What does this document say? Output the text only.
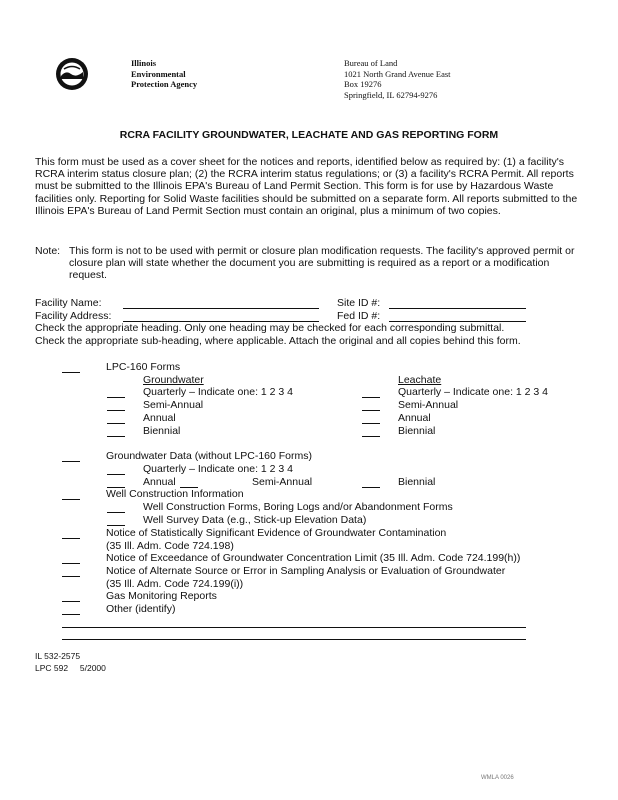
Illinois
Environmental
Protection Agency
Bureau of Land
1021 North Grand Avenue East
Box 19276
Springfield, IL 62794-9276
RCRA FACILITY GROUNDWATER, LEACHATE AND GAS REPORTING FORM
This form must be used as a cover sheet for the notices and reports, identified below as required by: (1) a facility's RCRA interim status closure plan; (2) the RCRA interim status regulations; or (3) a facility's RCRA Permit. All reports must be submitted to the Illinois EPA's Bureau of Land Permit Section. This form is for use by Hazardous Waste facilities only. Reporting for Solid Waste facilities should be submitted on a separate form. All reports submitted to the Illinois EPA's Bureau of Land Permit Section must contain an original, plus a minimum of two copies.
Note: This form is not to be used with permit or closure plan modification requests. The facility's approved permit or closure plan will state whether the document you are submitting is required as a report or a modification request.
Facility Name:	Site ID #:
Facility Address:	Fed ID #:
Check the appropriate heading. Only one heading may be checked for each corresponding submittal.
Check the appropriate sub-heading, where applicable. Attach the original and all copies behind this form.
LPC-160 Forms
Groundwater	Leachate
Quarterly – Indicate one: 1 2 3 4	Quarterly – Indicate one: 1 2 3 4
Semi-Annual	Semi-Annual
Annual	Annual
Biennial	Biennial
Groundwater Data (without LPC-160 Forms)
Quarterly – Indicate one: 1 2 3 4
Annual	Semi-Annual	Biennial
Well Construction Information
Well Construction Forms, Boring Logs and/or Abandonment Forms
Well Survey Data (e.g., Stick-up Elevation Data)
Notice of Statistically Significant Evidence of Groundwater Contamination
(35 Ill. Adm. Code 724.198)
Notice of Exceedance of Groundwater Concentration Limit (35 Ill. Adm. Code 724.199(h))
Notice of Alternate Source or Error in Sampling Analysis or Evaluation of Groundwater
(35 Ill. Adm. Code 724.199(i))
Gas Monitoring Reports
Other (identify)
IL 532-2575
LPC 592     5/2000
WMLA 0026
